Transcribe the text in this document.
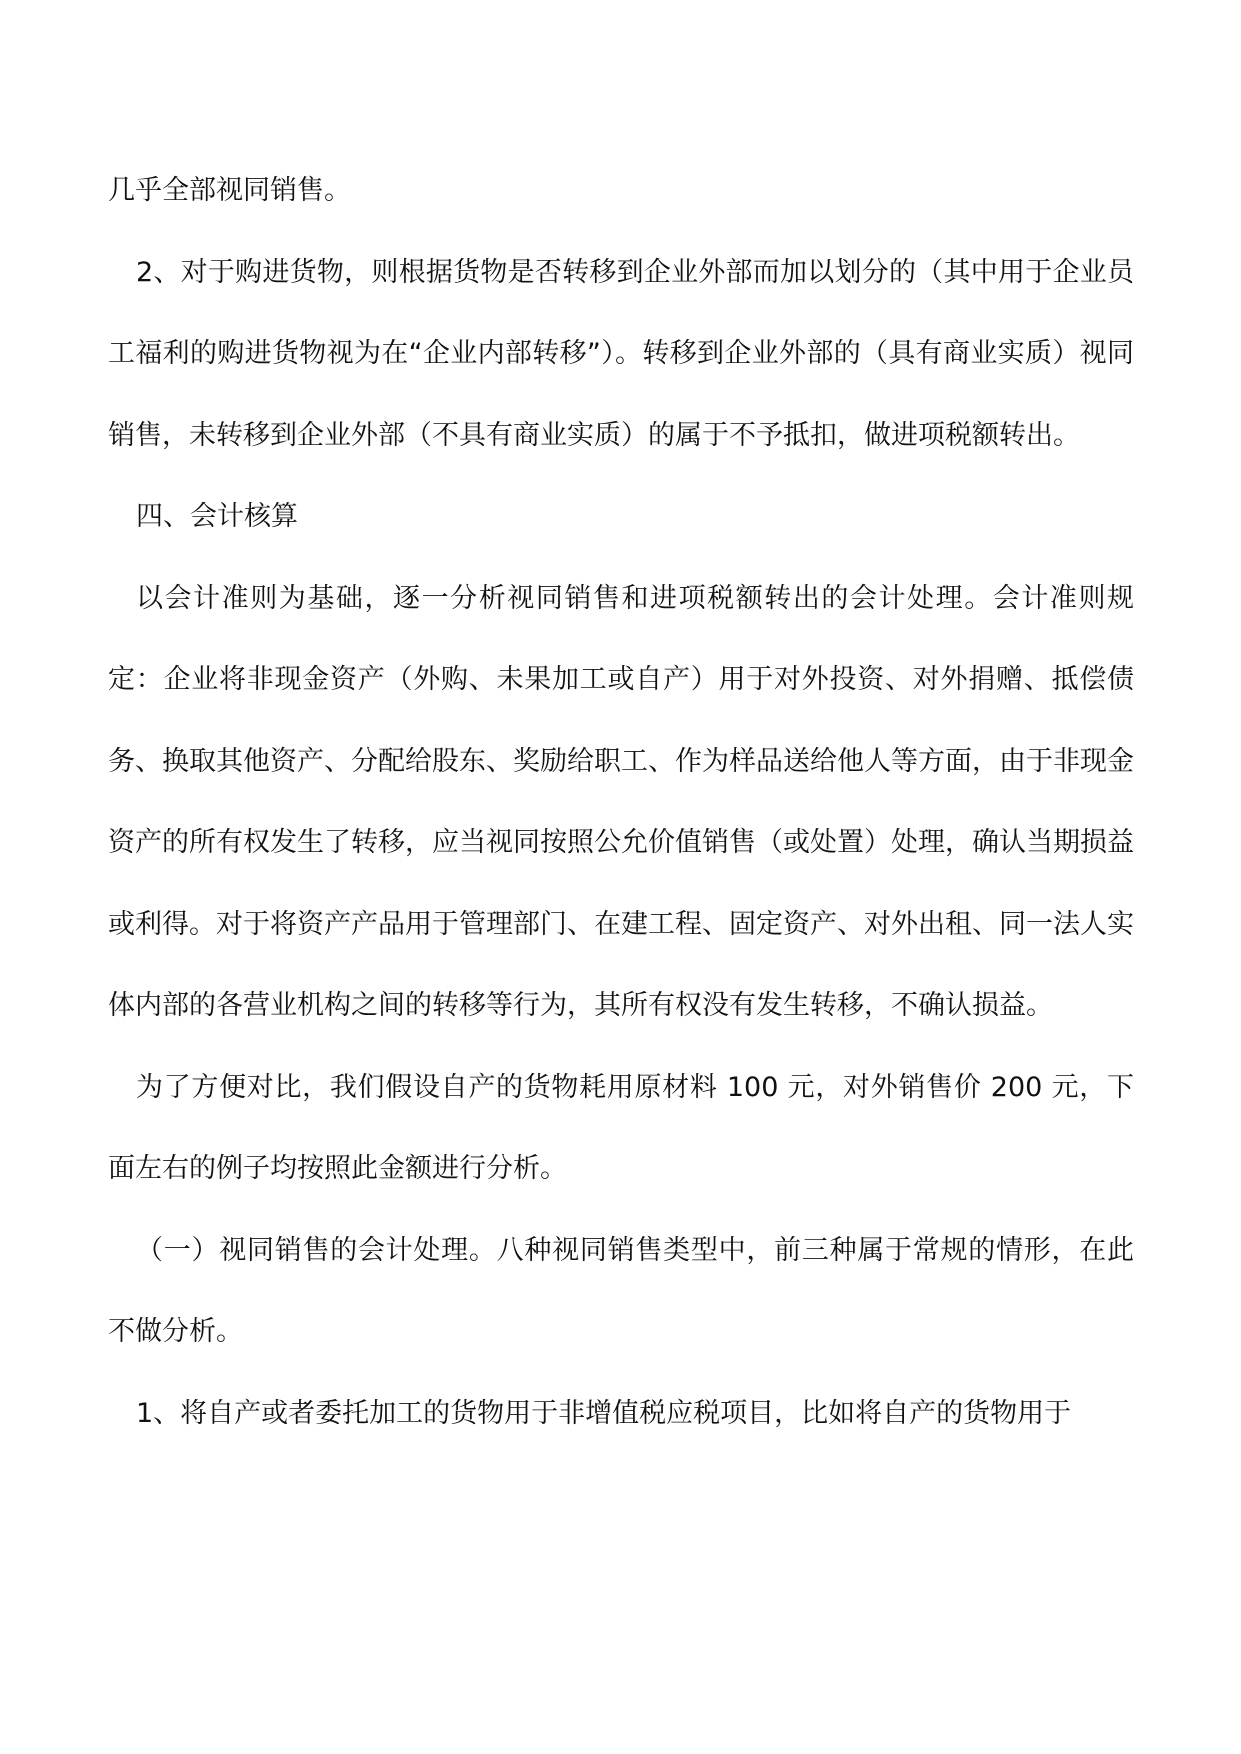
几乎全部视同销售。

2、对于购进货物，则根据货物是否转移到企业外部而加以划分的（其中用于企业员工福利的购进货物视为在“企业内部转移”）。转移到企业外部的（具有商业实质）视同销售，未转移到企业外部（不具有商业实质）的属于不予抵扣，做进项税额转出。

四、会计核算

以会计准则为基础，逐一分析视同销售和进项税额转出的会计处理。会计准则规定：企业将非现金资产（外购、未果加工或自产）用于对外投资、对外捐赠、抵偿债务、换取其他资产、分配给股东、奖励给职工、作为样品送给他人等方面，由于非现金资产的所有权发生了转移，应当视同按照公允价值销售（或处置）处理，确认当期损益或利得。对于将资产产品用于管理部门、在建工程、固定资产、对外出租、同一法人实体内部的各营业机构之间的转移等行为，其所有权没有发生转移，不确认损益。

为了方便对比，我们假设自产的货物耗用原材料 100 元，对外销售价 200 元，下面左右的例子均按照此金额进行分析。

（一）视同销售的会计处理。八种视同销售类型中，前三种属于常规的情形，在此不做分析。

1、将自产或者委托加工的货物用于非增值税应税项目，比如将自产的货物用于
